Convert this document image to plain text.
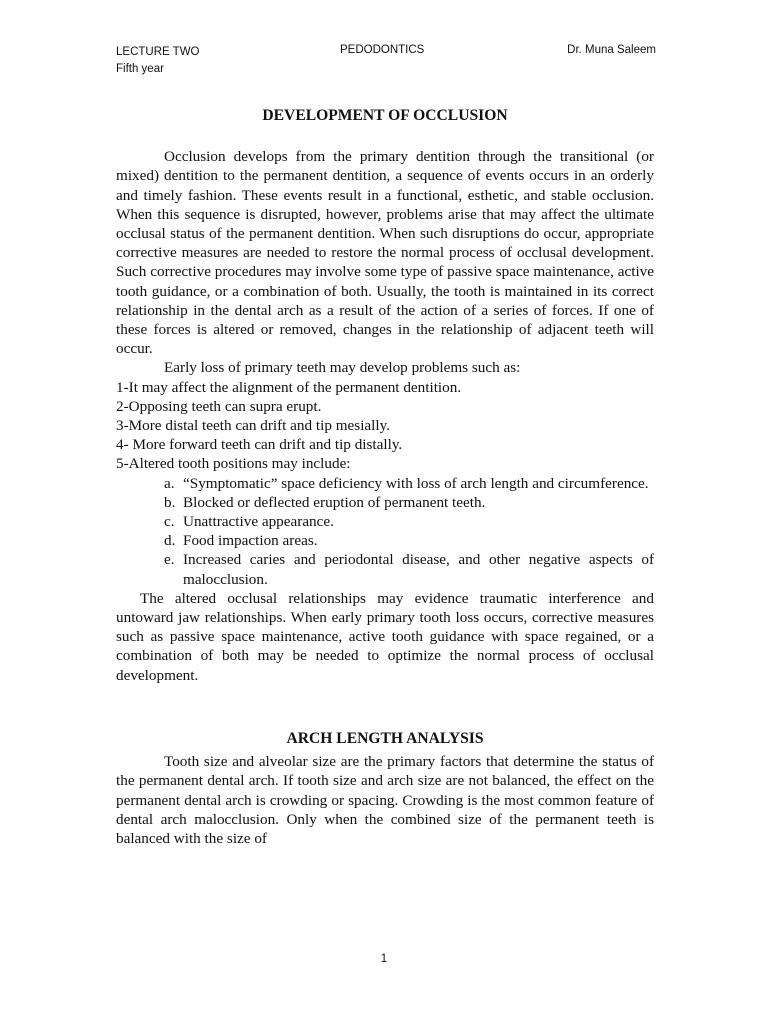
LECTURE TWO
Fifth year
PEDODONTICS	Dr. Muna Saleem
DEVELOPMENT OF OCCLUSION

Occlusion develops from the primary dentition through the transitional (or mixed) dentition to the permanent dentition, a sequence of events occurs in an orderly and timely fashion. These events result in a functional, esthetic, and stable occlusion. When this sequence is disrupted, however, problems arise that may affect the ultimate occlusal status of the permanent dentition. When such disruptions do occur, appropriate corrective measures are needed to restore the normal process of occlusal development. Such corrective procedures may involve some type of passive space maintenance, active tooth guidance, or a combination of both. Usually, the tooth is maintained in its correct relationship in the dental arch as a result of the action of a series of forces. If one of these forces is altered or removed, changes in the relationship of adjacent teeth will occur.

Early loss of primary teeth may develop problems such as:

1-It may affect the alignment of the permanent dentition.
2-Opposing teeth can supra erupt.
3-More distal teeth can drift and tip mesially.
4- More forward teeth can drift and tip distally.
5-Altered tooth positions may include:
a. “Symptomatic” space deficiency with loss of arch length and circumference.
b. Blocked or deflected eruption of permanent teeth.
c. Unattractive appearance.
d. Food impaction areas.
e. Increased caries and periodontal disease, and other negative aspects of malocclusion.

The altered occlusal relationships may evidence traumatic interference and untoward jaw relationships. When early primary tooth loss occurs, corrective measures such as passive space maintenance, active tooth guidance with space regained, or a combination of both may be needed to optimize the normal process of occlusal development.

ARCH LENGTH ANALYSIS

Tooth size and alveolar size are the primary factors that determine the status of the permanent dental arch. If tooth size and arch size are not balanced, the effect on the permanent dental arch is crowding or spacing. Crowding is the most common feature of dental arch malocclusion. Only when the combined size of the permanent teeth is balanced with the size of

1
